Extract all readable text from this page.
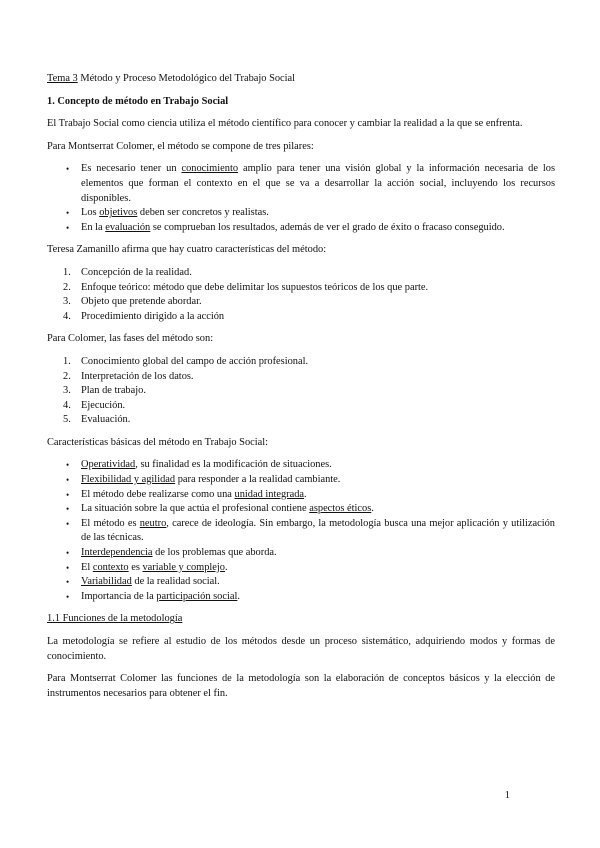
Tema 3 Método y Proceso Metodológico del Trabajo Social

1. Concepto de método en Trabajo Social

El Trabajo Social como ciencia utiliza el método científico para conocer y cambiar la realidad a la que se enfrenta.

Para Montserrat Colomer, el método se compone de tres pilares:

•	Es necesario tener un conocimiento amplio para tener una visión global y la información necesaria de los elementos que forman el contexto en el que se va a desarrollar la acción social, incluyendo los recursos disponibles.
•	Los objetivos deben ser concretos y realistas.
•	En la evaluación se comprueban los resultados, además de ver el grado de éxito o fracaso conseguido.

Teresa Zamanillo afirma que hay cuatro características del método:

1. Concepción de la realidad.
2. Enfoque teórico: método que debe delimitar los supuestos teóricos de los que parte.
3. Objeto que pretende abordar.
4. Procedimiento dirigido a la acción

Para Colomer, las fases del método son:

1. Conocimiento global del campo de acción profesional.
2. Interpretación de los datos.
3. Plan de trabajo.
4. Ejecución.
5. Evaluación.

Características básicas del método en Trabajo Social:

•	Operatividad, su finalidad es la modificación de situaciones.
•	Flexibilidad y agilidad para responder a la realidad cambiante.
•	El método debe realizarse como una unidad integrada.
•	La situación sobre la que actúa el profesional contiene aspectos éticos.
•	El método es neutro, carece de ideología. Sin embargo, la metodología busca una mejor aplicación y utilización de las técnicas.
•	Interdependencia de los problemas que aborda.
•	El contexto es variable y complejo.
•	Variabilidad de la realidad social.
•	Importancia de la participación social.

1.1 Funciones de la metodología

La metodología se refiere al estudio de los métodos desde un proceso sistemático, adquiriendo modos y formas de conocimiento.

Para Montserrat Colomer las funciones de la metodología son la elaboración de conceptos básicos y la elección de instrumentos necesarios para obtener el fin.

1
